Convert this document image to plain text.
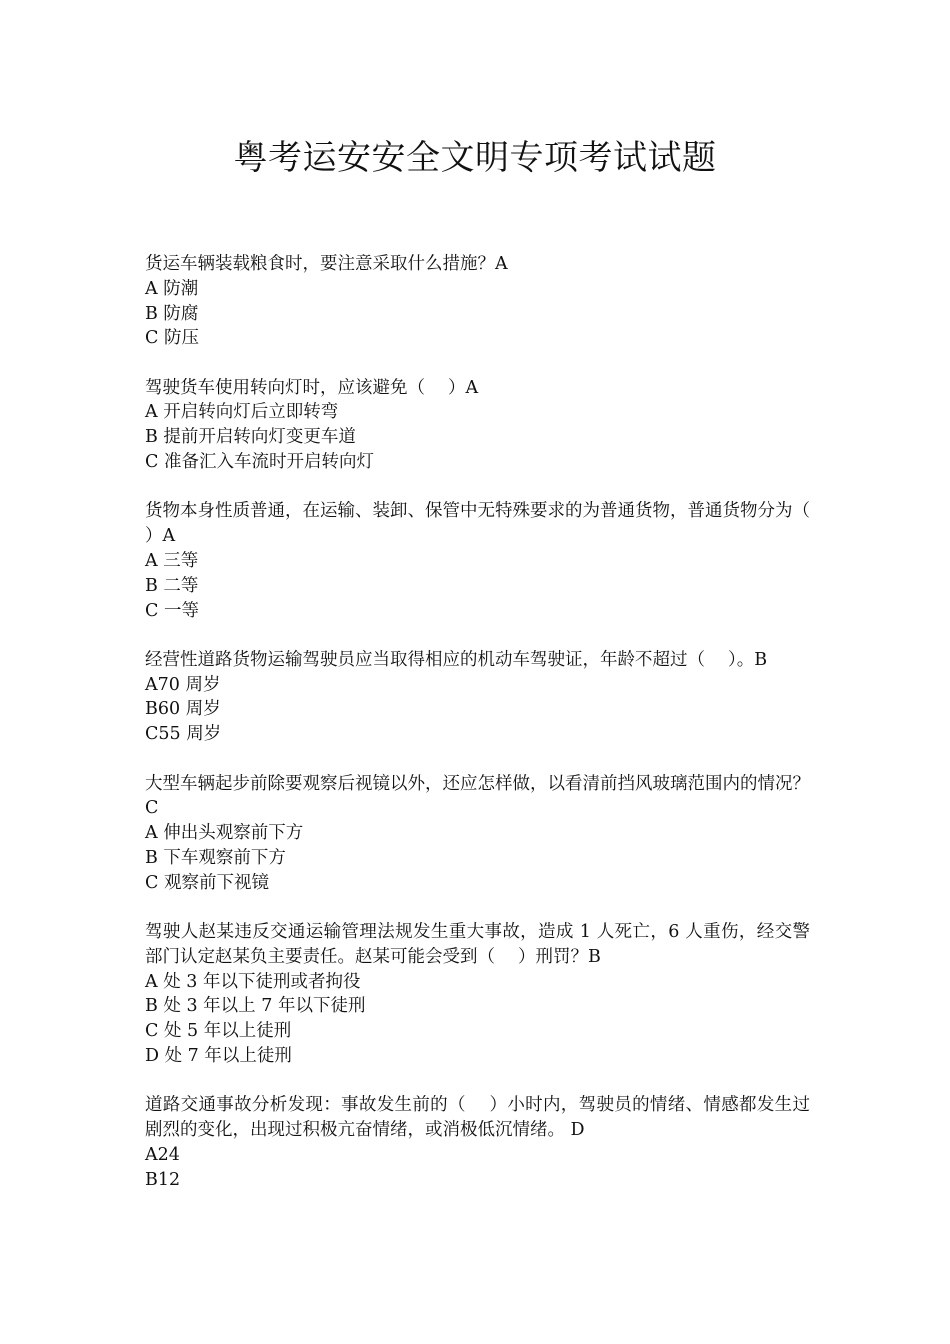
粤考运安安全文明专项考试试题
货运车辆装载粮食时，要注意采取什么措施？A
A 防潮
B 防腐
C 防压
驾驶货车使用转向灯时，应该避免（　 ）A
A 开启转向灯后立即转弯
B 提前开启转向灯变更车道
C 准备汇入车流时开启转向灯
货物本身性质普通，在运输、装卸、保管中无特殊要求的为普通货物，普通货物分为（　 ）A
A 三等
B 二等
C 一等
经营性道路货物运输驾驶员应当取得相应的机动车驾驶证，年龄不超过（　 ）。B
A70 周岁
B60 周岁
C55 周岁
大型车辆起步前除要观察后视镜以外，还应怎样做，以看清前挡风玻璃范围内的情况？C
A 伸出头观察前下方
B 下车观察前下方
C 观察前下视镜
驾驶人赵某违反交通运输管理法规发生重大事故，造成 1 人死亡，6 人重伤，经交警部门认定赵某负主要责任。赵某可能会受到（　 ）刑罚？B
A 处 3 年以下徒刑或者拘役
B 处 3 年以上 7 年以下徒刑
C 处 5 年以上徒刑
D 处 7 年以上徒刑
道路交通事故分析发现：事故发生前的（　 ）小时内，驾驶员的情绪、情感都发生过剧烈的变化，出现过积极亢奋情绪，或消极低沉情绪。 D
A24
B12
